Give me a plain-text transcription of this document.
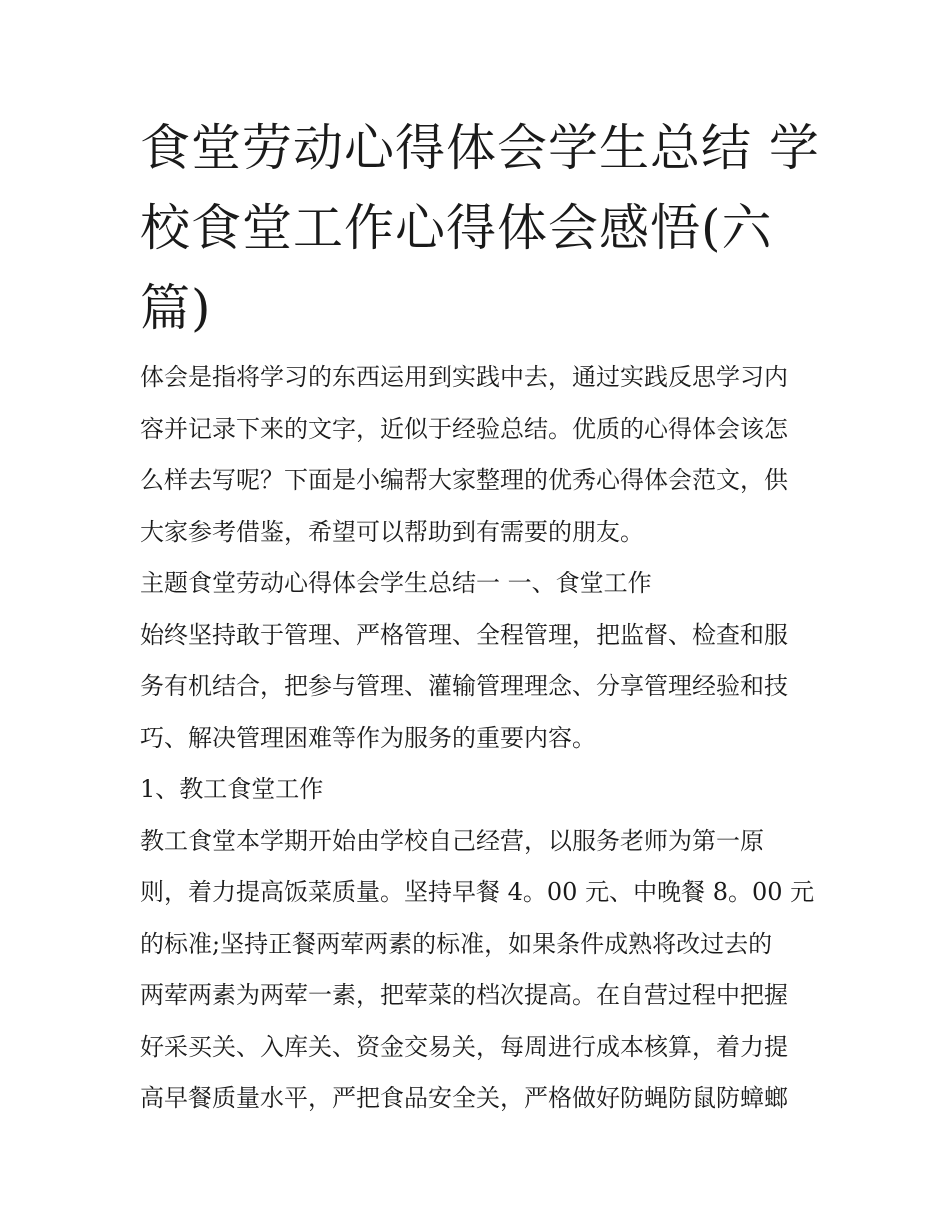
食堂劳动心得体会学生总结 学
校食堂工作心得体会感悟(六
篇)

体会是指将学习的东西运用到实践中去，通过实践反思学习内
容并记录下来的文字，近似于经验总结。优质的心得体会该怎
么样去写呢？下面是小编帮大家整理的优秀心得体会范文，供
大家参考借鉴，希望可以帮助到有需要的朋友。

主题食堂劳动心得体会学生总结一 一、食堂工作

始终坚持敢于管理、严格管理、全程管理，把监督、检查和服
务有机结合，把参与管理、灌输管理理念、分享管理经验和技
巧、解决管理困难等作为服务的重要内容。

1、教工食堂工作

教工食堂本学期开始由学校自己经营，以服务老师为第一原
则，着力提高饭菜质量。坚持早餐 4。00 元、中晚餐 8。00 元
的标准;坚持正餐两荤两素的标准，如果条件成熟将改过去的
两荤两素为两荤一素，把荤菜的档次提高。在自营过程中把握
好采买关、入库关、资金交易关，每周进行成本核算，着力提
高早餐质量水平，严把食品安全关，严格做好防蝇防鼠防蟑螂
